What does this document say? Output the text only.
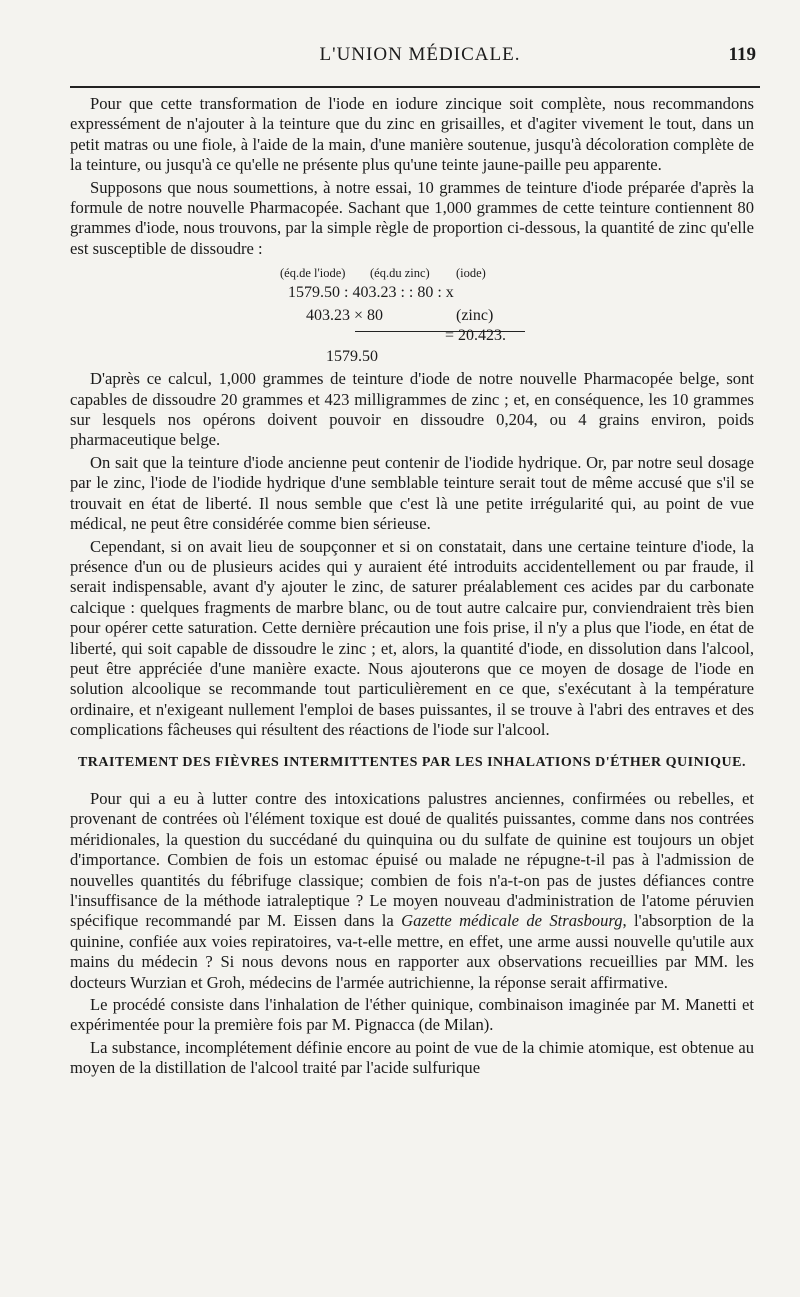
L'UNION MÉDICALE.	119

Pour que cette transformation de l'iode en iodure zincique soit complète, nous recommandons expressément de n'ajouter à la teinture que du zinc en grisailles, et d'agiter vivement le tout, dans un petit matras ou une fiole, à l'aide de la main, d'une manière soutenue, jusqu'à décoloration complète de la teinture, ou jusqu'à ce qu'elle ne présente plus qu'une teinte jaune-paille peu apparente.

Supposons que nous soumettions, à notre essai, 10 grammes de teinture d'iode préparée d'après la formule de notre nouvelle Pharmacopée. Sachant que 1,000 grammes de cette teinture contiennent 80 grammes d'iode, nous trouvons, par la simple règle de proportion ci-dessous, la quantité de zinc qu'elle est susceptible de dissoudre :

(éq.de l'iode) (éq.du zinc) (iode)
1579.50 : 403.23 : : 80 : x
403.23 × 80	(zinc)
= 20.423.
1579.50

D'après ce calcul, 1,000 grammes de teinture d'iode de notre nouvelle Pharmacopée belge, sont capables de dissoudre 20 grammes et 423 milligrammes de zinc ; et, en conséquence, les 10 grammes sur lesquels nos opérons doivent pouvoir en dissoudre 0,204, ou 4 grains environ, poids pharmaceutique belge.

On sait que la teinture d'iode ancienne peut contenir de l'iodide hydrique. Or, par notre seul dosage par le zinc, l'iode de l'iodide hydrique d'une semblable teinture serait tout de même accusé que s'il se trouvait en état de liberté. Il nous semble que c'est là une petite irrégularité qui, au point de vue médical, ne peut être considérée comme bien sérieuse.

Cependant, si on avait lieu de soupçonner et si on constatait, dans une certaine teinture d'iode, la présence d'un ou de plusieurs acides qui y auraient été introduits accidentellement ou par fraude, il serait indispensable, avant d'y ajouter le zinc, de saturer préalablement ces acides par du carbonate calcique : quelques fragments de marbre blanc, ou de tout autre calcaire pur, conviendraient très bien pour opérer cette saturation. Cette dernière précaution une fois prise, il n'y a plus que l'iode, en état de liberté, qui soit capable de dissoudre le zinc ; et, alors, la quantité d'iode, en dissolution dans l'alcool, peut être appréciée d'une manière exacte. Nous ajouterons que ce moyen de dosage de l'iode en solution alcoolique se recommande tout particulièrement en ce que, s'exécutant à la température ordinaire, et n'exigeant nullement l'emploi de bases puissantes, il se trouve à l'abri des entraves et des complications fâcheuses qui résultent des réactions de l'iode sur l'alcool.

TRAITEMENT DES FIÈVRES INTERMITTENTES PAR LES INHALATIONS D'ÉTHER QUINIQUE.

Pour qui a eu à lutter contre des intoxications palustres anciennes, confirmées ou rebelles, et provenant de contrées où l'élément toxique est doué de qualités puissantes, comme dans nos contrées méridionales, la question du succédané du quinquina ou du sulfate de quinine est toujours un objet d'importance. Combien de fois un estomac épuisé ou malade ne répugne-t-il pas à l'admission de nouvelles quantités du fébrifuge classique; combien de fois n'a-t-on pas de justes défiances contre l'insuffisance de la méthode iatraleptique ? Le moyen nouveau d'administration de l'atome péruvien spécifique recommandé par M. Eissen dans la Gazette médicale de Strasbourg, l'absorption de la quinine, confiée aux voies repiratoires, va-t-elle mettre, en effet, une arme aussi nouvelle qu'utile aux mains du médecin ? Si nous devons nous en rapporter aux observations recueillies par MM. les docteurs Wurzian et Groh, médecins de l'armée autrichienne, la réponse serait affirmative.

Le procédé consiste dans l'inhalation de l'éther quinique, combinaison imaginée par M. Manetti et expérimentée pour la première fois par M. Pignacca (de Milan).

La substance, incomplétement définie encore au point de vue de la chimie atomique, est obtenue au moyen de la distillation de l'alcool traité par l'acide sulfurique
